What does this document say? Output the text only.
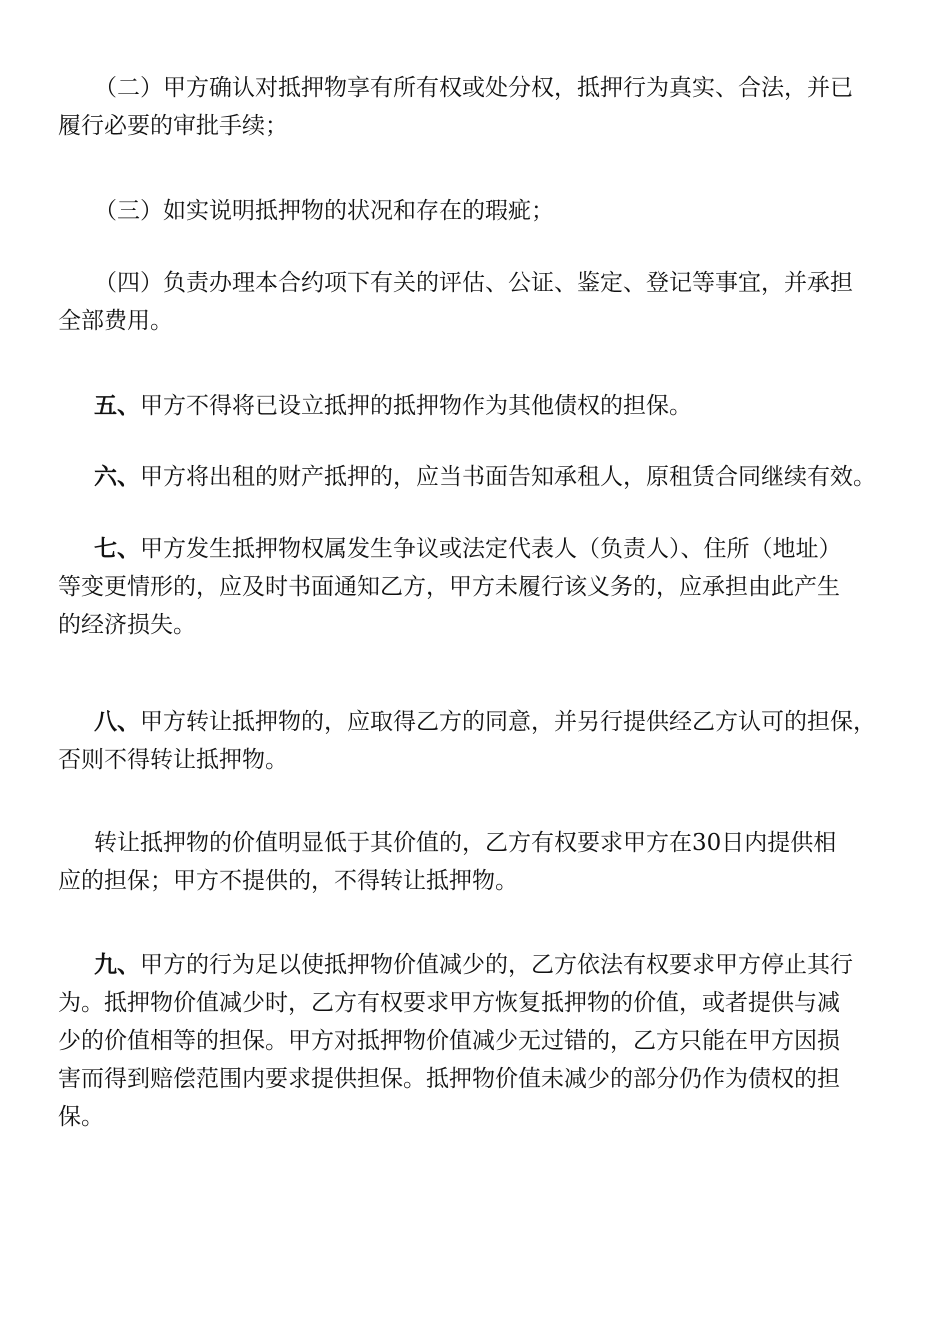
（二）甲方确认对抵押物享有所有权或处分权，抵押行为真实、合法，并已
履行必要的审批手续；
（三）如实说明抵押物的状况和存在的瑕疵；
（四）负责办理本合约项下有关的评估、公证、鉴定、登记等事宜，并承担
全部费用。
五、甲方不得将已设立抵押的抵押物作为其他债权的担保。
六、甲方将出租的财产抵押的，应当书面告知承租人，原租赁合同继续有效。
七、甲方发生抵押物权属发生争议或法定代表人（负责人）、住所（地址）
等变更情形的，应及时书面通知乙方，甲方未履行该义务的，应承担由此产生
的经济损失。
八、甲方转让抵押物的，应取得乙方的同意，并另行提供经乙方认可的担保，
否则不得转让抵押物。
转让抵押物的价值明显低于其价值的，乙方有权要求甲方在30日内提供相
应的担保；甲方不提供的，不得转让抵押物。
九、甲方的行为足以使抵押物价值减少的，乙方依法有权要求甲方停止其行
为。抵押物价值减少时，乙方有权要求甲方恢复抵押物的价值，或者提供与减
少的价值相等的担保。甲方对抵押物价值减少无过错的，乙方只能在甲方因损
害而得到赔偿范围内要求提供担保。抵押物价值未减少的部分仍作为债权的担
保。
